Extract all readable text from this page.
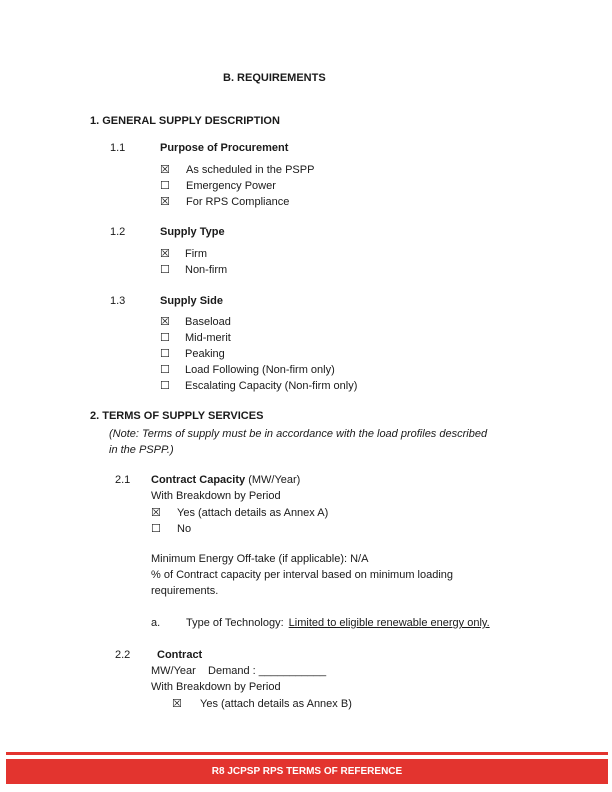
B. REQUIREMENTS
1. GENERAL SUPPLY DESCRIPTION
1.1	Purpose of Procurement
☒ As scheduled in the PSPP
☐ Emergency Power
☒ For RPS Compliance
1.2	Supply Type
☒ Firm
☐ Non-firm
1.3	Supply Side
☒ Baseload
☐ Mid-merit
☐ Peaking
☐ Load Following (Non-firm only)
☐ Escalating Capacity (Non-firm only)
2. TERMS OF SUPPLY SERVICES
(Note: Terms of supply must be in accordance with the load profiles described in the PSPP.)
2.1 Contract Capacity (MW/Year)
With Breakdown by Period
☒ Yes (attach details as Annex A)
☐ No
Minimum Energy Off-take (if applicable): N/A
% of Contract capacity per interval based on minimum loading
requirements.
a. Type of Technology: Limited to eligible renewable energy only.
2.2 Contract
MW/Year    Demand : ___________
With Breakdown by Period
☒ Yes (attach details as Annex B)
R8 JCPSP RPS TERMS OF REFERENCE
